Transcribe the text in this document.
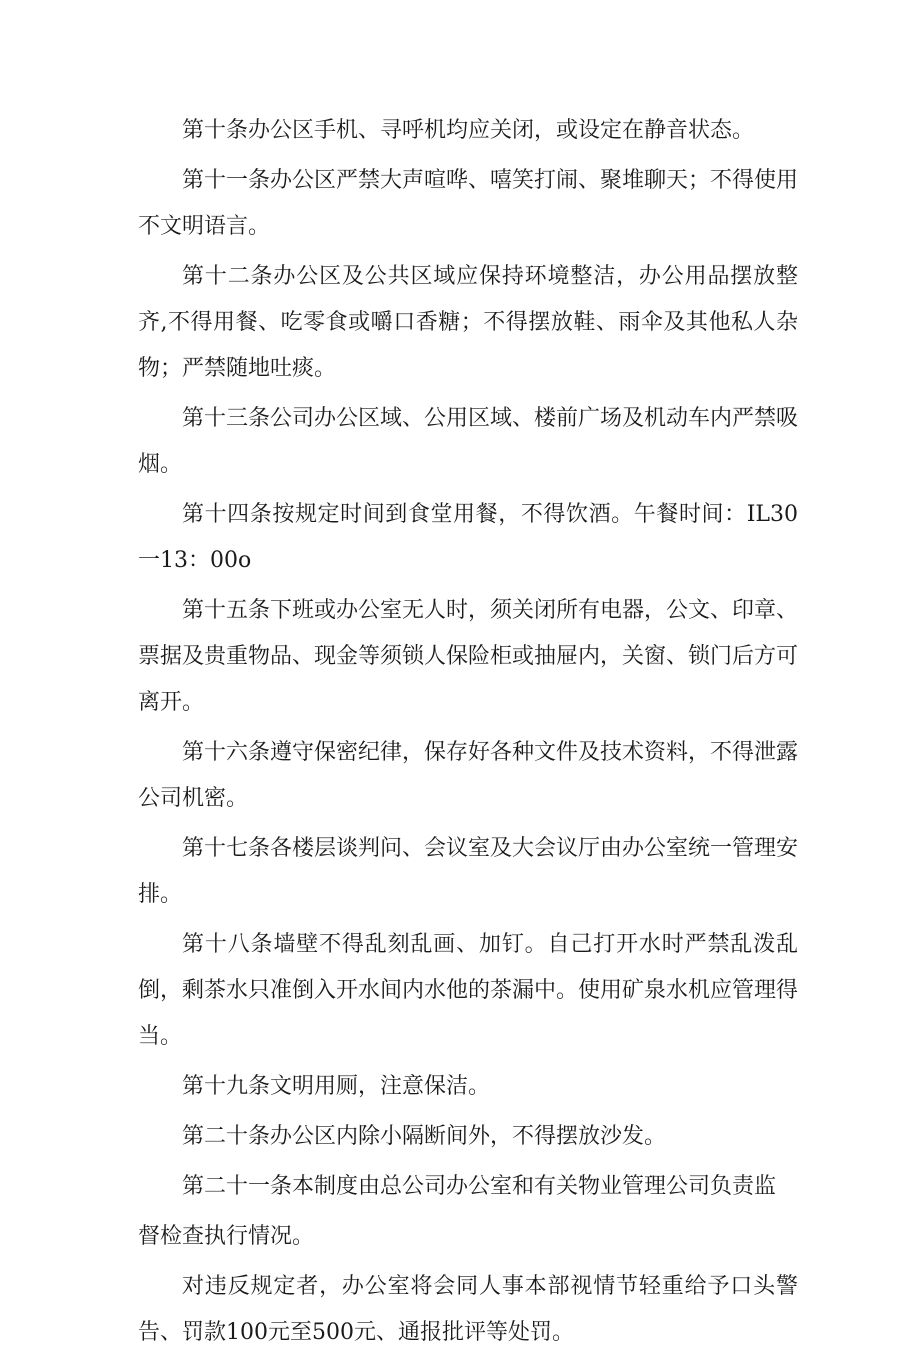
第十条办公区手机、寻呼机均应关闭，或设定在静音状态。

第十一条办公区严禁大声喧哗、嘻笑打闹、聚堆聊天；不得使用不文明语言。

第十二条办公区及公共区域应保持环境整洁，办公用品摆放整齐,不得用餐、吃零食或嚼口香糖；不得摆放鞋、雨伞及其他私人杂物；严禁随地吐痰。

第十三条公司办公区域、公用区域、楼前广场及机动车内严禁吸烟。

第十四条按规定时间到食堂用餐，不得饮酒。午餐时间：IL30一13：00o

第十五条下班或办公室无人时，须关闭所有电器，公文、印章、票据及贵重物品、现金等须锁人保险柜或抽屉内，关窗、锁门后方可离开。

第十六条遵守保密纪律，保存好各种文件及技术资料，不得泄露公司机密。

第十七条各楼层谈判问、会议室及大会议厅由办公室统一管理安排。

第十八条墙壁不得乱刻乱画、加钉。自己打开水时严禁乱泼乱倒，剩茶水只准倒入开水间内水他的茶漏中。使用矿泉水机应管理得当。

第十九条文明用厕，注意保洁。

第二十条办公区内除小隔断间外，不得摆放沙发。

第二十一条本制度由总公司办公室和有关物业管理公司负责监

督检查执行情况。

对违反规定者，办公室将会同人事本部视情节轻重给予口头警告、罚款100元至500元、通报批评等处罚。
